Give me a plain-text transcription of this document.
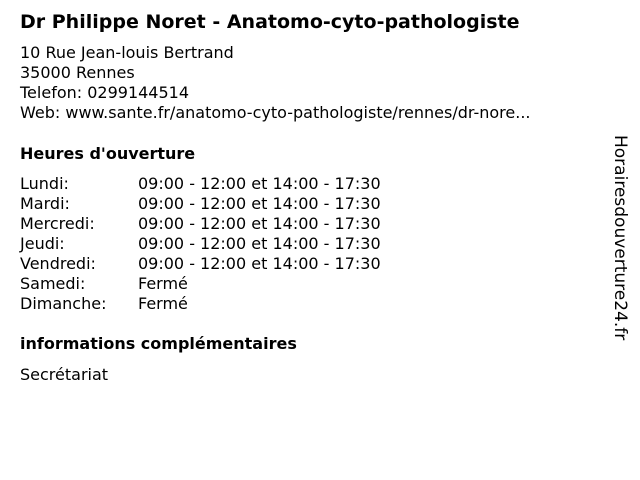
Dr Philippe Noret - Anatomo-cyto-pathologiste
10 Rue Jean-louis Bertrand
35000 Rennes
Telefon: 0299144514
Web: www.sante.fr/anatomo-cyto-pathologiste/rennes/dr-nore...
Heures d'ouverture
Lundi:	09:00 - 12:00 et 14:00 - 17:30
Mardi:	09:00 - 12:00 et 14:00 - 17:30
Mercredi:	09:00 - 12:00 et 14:00 - 17:30
Jeudi:	09:00 - 12:00 et 14:00 - 17:30
Vendredi:	09:00 - 12:00 et 14:00 - 17:30
Samedi:	Fermé
Dimanche:	Fermé
informations complémentaires
Secrétariat
Horairesdouverture24.fr
